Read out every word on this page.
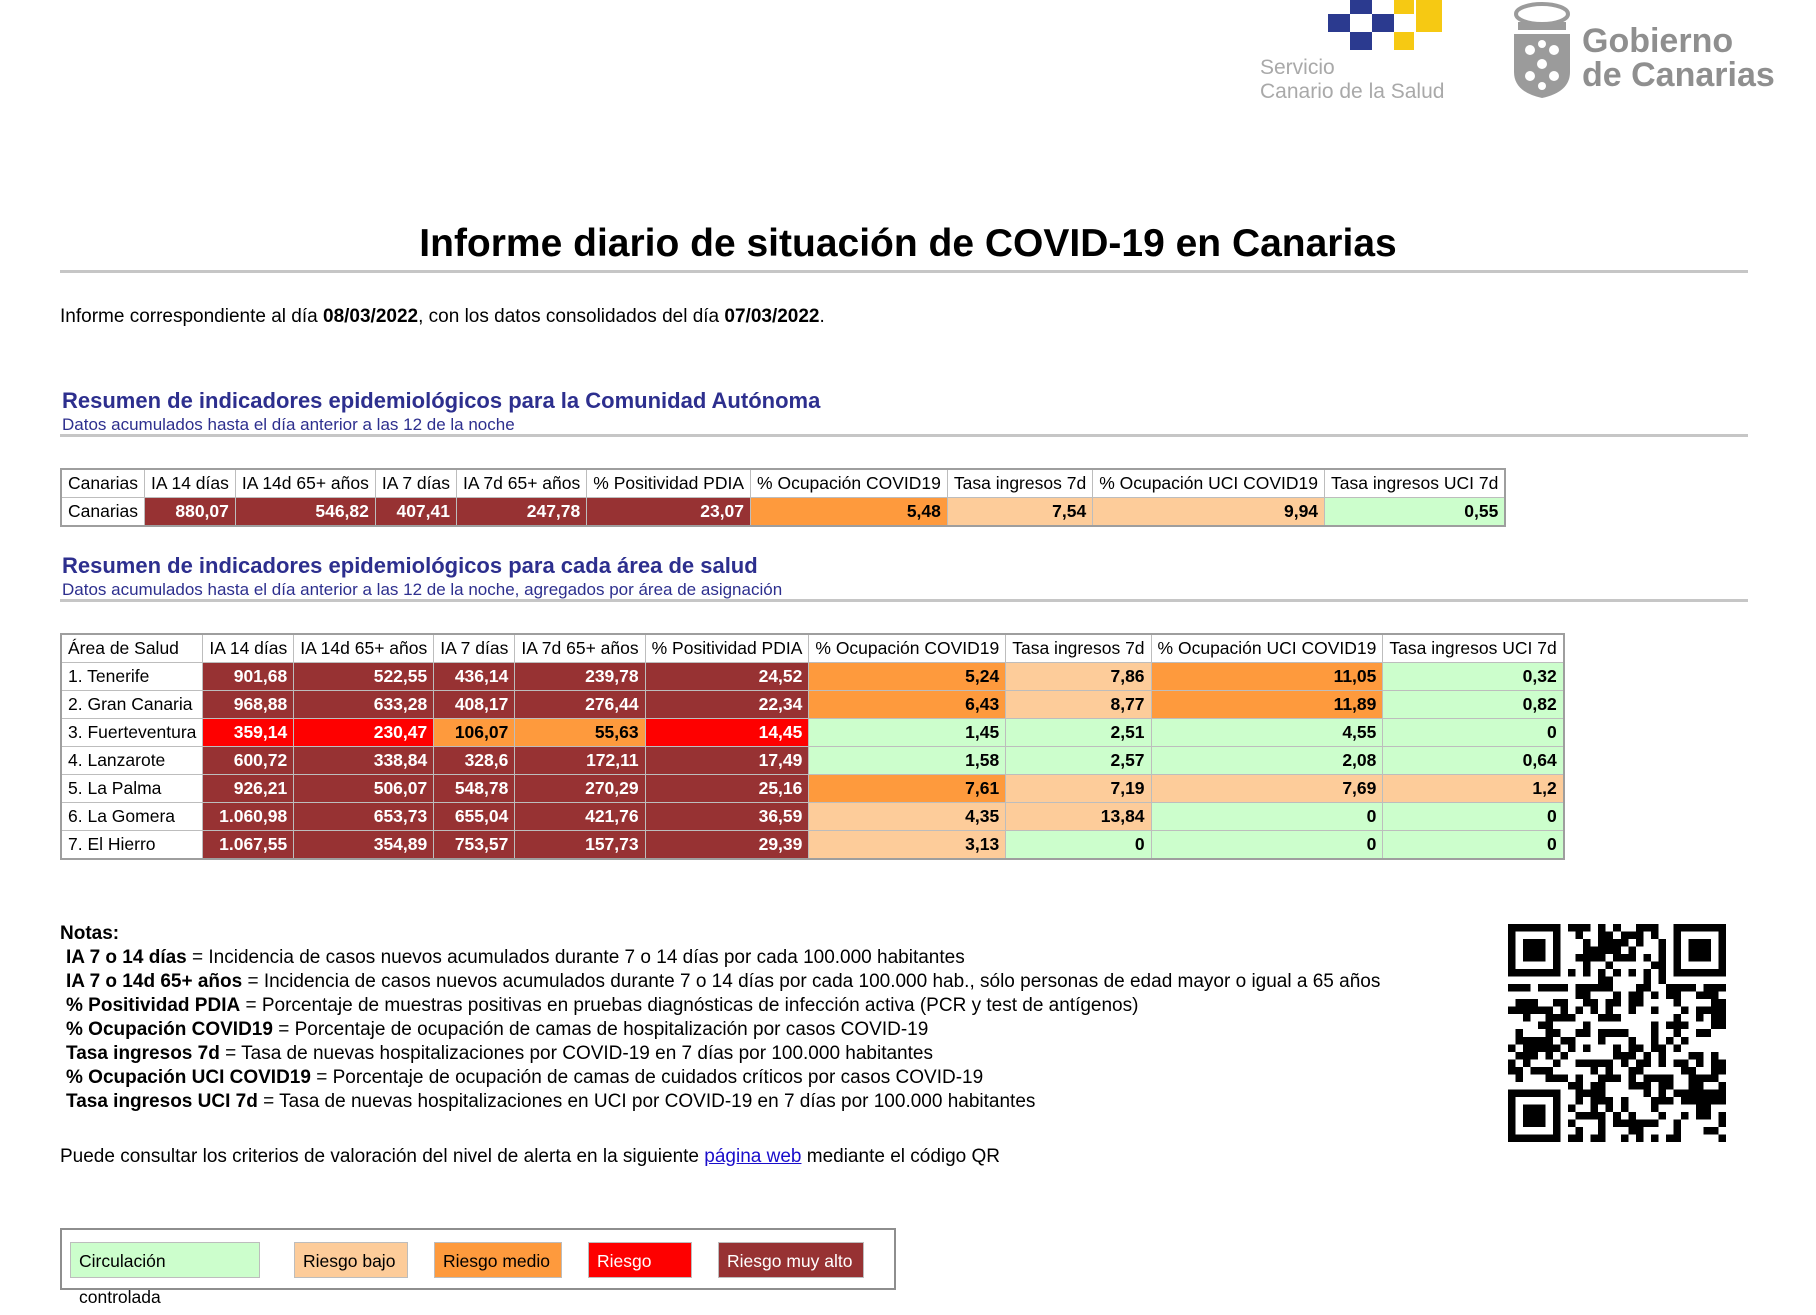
Servicio
Canario de la Salud
Gobierno
de Canarias
Informe diario de situación de COVID-19 en Canarias
Informe correspondiente al día 08/03/2022, con los datos consolidados del día 07/03/2022.
Resumen de indicadores epidemiológicos para la Comunidad Autónoma
Datos acumulados hasta el día anterior a las 12 de la noche
Canarias	IA 14 días	IA 14d 65+ años	IA 7 días	IA 7d 65+ años	% Positividad PDIA	% Ocupación COVID19	Tasa ingresos 7d	% Ocupación UCI COVID19	Tasa ingresos UCI 7d
Canarias	880,07	546,82	407,41	247,78	23,07	5,48	7,54	9,94	0,55
Resumen de indicadores epidemiológicos para cada área de salud
Datos acumulados hasta el día anterior a las 12 de la noche, agregados por área de asignación
Área de Salud	IA 14 días	IA 14d 65+ años	IA 7 días	IA 7d 65+ años	% Positividad PDIA	% Ocupación COVID19	Tasa ingresos 7d	% Ocupación UCI COVID19	Tasa ingresos UCI 7d
1. Tenerife	901,68	522,55	436,14	239,78	24,52	5,24	7,86	11,05	0,32
2. Gran Canaria	968,88	633,28	408,17	276,44	22,34	6,43	8,77	11,89	0,82
3. Fuerteventura	359,14	230,47	106,07	55,63	14,45	1,45	2,51	4,55	0
4. Lanzarote	600,72	338,84	328,6	172,11	17,49	1,58	2,57	2,08	0,64
5. La Palma	926,21	506,07	548,78	270,29	25,16	7,61	7,19	7,69	1,2
6. La Gomera	1.060,98	653,73	655,04	421,76	36,59	4,35	13,84	0	0
7. El Hierro	1.067,55	354,89	753,57	157,73	29,39	3,13	0	0	0
Notas:
IA 7 o 14 días = Incidencia de casos nuevos acumulados durante 7 o 14 días por cada 100.000 habitantes
IA 7 o 14d 65+ años = Incidencia de casos nuevos acumulados durante 7 o 14 días por cada 100.000 hab., sólo personas de edad mayor o igual a 65 años
% Positividad PDIA = Porcentaje de muestras positivas en pruebas diagnósticas de infección activa (PCR y test de antígenos)
% Ocupación COVID19 = Porcentaje de ocupación de camas de hospitalización por casos COVID-19
Tasa ingresos 7d = Tasa de nuevas hospitalizaciones por COVID-19 en 7 días por 100.000 habitantes
% Ocupación UCI COVID19 = Porcentaje de ocupación de camas de cuidados críticos por casos COVID-19
Tasa ingresos UCI 7d = Tasa de nuevas hospitalizaciones en UCI por COVID-19 en 7 días por 100.000 habitantes
Puede consultar los criterios de valoración del nivel de alerta en la siguiente página web mediante el código QR
Circulación controlada
Riesgo bajo	Riesgo medio	Riesgo alto
Riesgo muy alto
